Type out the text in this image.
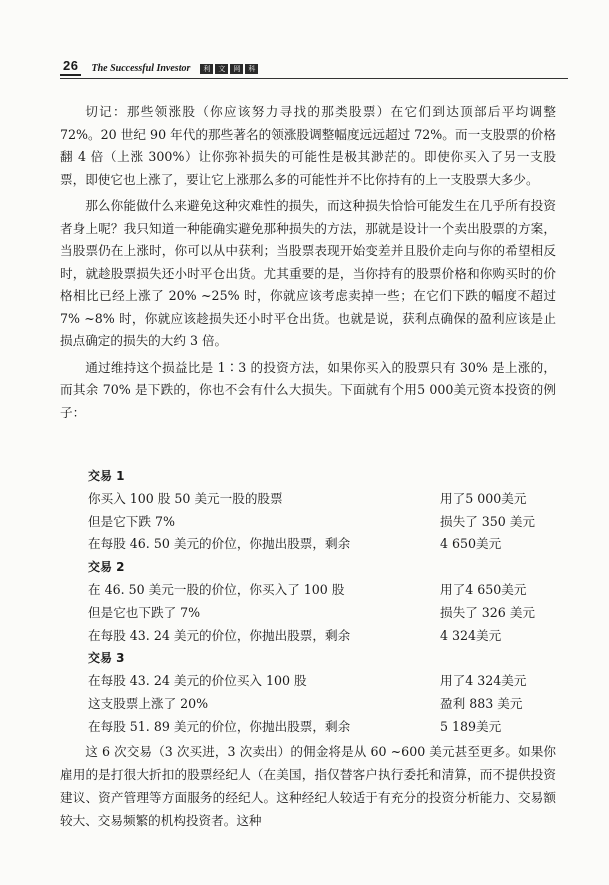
26	The Successful Investor	利	文	网	科

切记：那些领涨股（你应该努力寻找的那类股票）在它们到达顶部后平均调整 72%。20 世纪 90 年代的那些著名的领涨股调整幅度远远超过 72%。而一支股票的价格翻 4 倍（上涨 300%）让你弥补损失的可能性是极其渺茫的。即使你买入了另一支股票，即使它也上涨了，要让它上涨那么多的可能性并不比你持有的上一支股票大多少。

那么你能做什么来避免这种灾难性的损失，而这种损失恰恰可能发生在几乎所有投资者身上呢？我只知道一种能确实避免那种损失的方法，那就是设计一个卖出股票的方案，当股票仍在上涨时，你可以从中获利；当股票表现开始变差并且股价走向与你的希望相反时，就趁股票损失还小时平仓出货。尤其重要的是，当你持有的股票价格和你购买时的价格相比已经上涨了 20% ~25% 时，你就应该考虑卖掉一些；在它们下跌的幅度不超过 7% ~8% 时，你就应该趁损失还小时平仓出货。也就是说，获利点确保的盈利应该是止损点确定的损失的大约 3 倍。

通过维持这个损益比是 1∶3 的投资方法，如果你买入的股票只有 30% 是上涨的，而其余 70% 是下跌的，你也不会有什么大损失。下面就有个用5 000美元资本投资的例子：

交易 1
你买入 100 股 50 美元一股的股票	用了5 000美元
但是它下跌 7%	损失了 350 美元
在每股 46. 50 美元的价位，你抛出股票，剩余	4 650美元
交易 2
在 46. 50 美元一股的价位，你买入了 100 股	用了4 650美元
但是它也下跌了 7%	损失了 326 美元
在每股 43. 24 美元的价位，你抛出股票，剩余	4 324美元
交易 3
在每股 43. 24 美元的价位买入 100 股	用了4 324美元
这支股票上涨了 20%	盈利 883 美元
在每股 51. 89 美元的价位，你抛出股票，剩余	5 189美元

这 6 次交易（3 次买进，3 次卖出）的佣金将是从 60 ~600 美元甚至更多。如果你雇用的是打很大折扣的股票经纪人（在美国，指仅替客户执行委托和清算，而不提供投资建议、资产管理等方面服务的经纪人。这种经纪人较适于有充分的投资分析能力、交易额较大、交易频繁的机构投资者。这种
